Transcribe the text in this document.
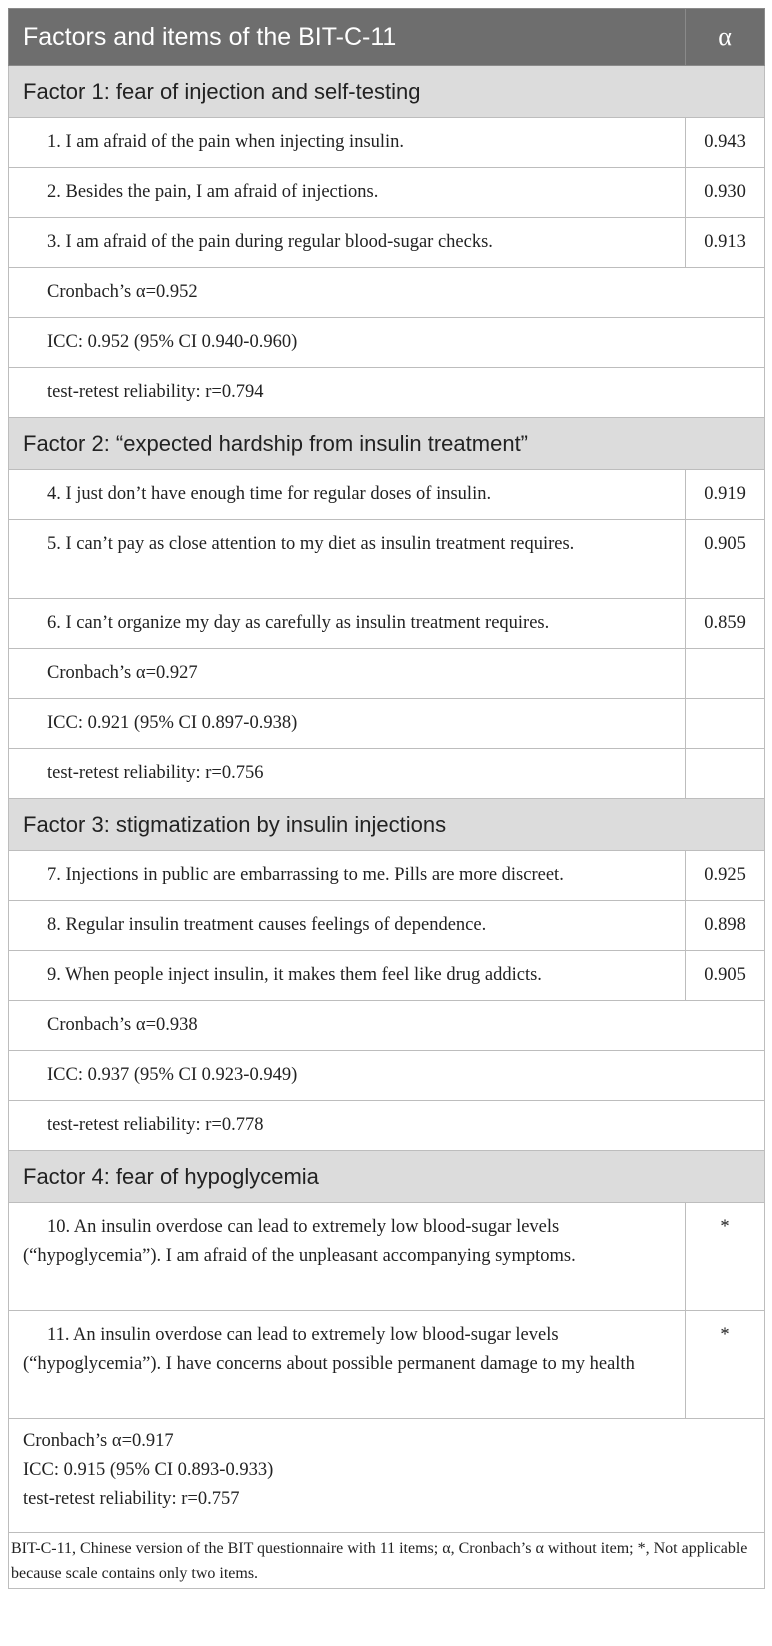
Factors and items of the BIT-C-11	α
Factor 1: fear of injection and self-testing	
1. I am afraid of the pain when injecting insulin.	0.943
2. Besides the pain, I am afraid of injections.	0.930
3. I am afraid of the pain during regular blood-sugar checks.	0.913
Cronbach’s α=0.952	
ICC: 0.952 (95% CI 0.940-0.960)	
test-retest reliability: r=0.794	
Factor 2: “expected hardship from insulin treatment”	
4. I just don’t have enough time for regular doses of insulin.	0.919
5. I can’t pay as close attention to my diet as insulin treatment requires.	0.905
6. I can’t organize my day as carefully as insulin treatment requires.	0.859
Cronbach’s α=0.927	
ICC: 0.921 (95% CI 0.897-0.938)	
test-retest reliability: r=0.756	
Factor 3: stigmatization by insulin injections	
7. Injections in public are embarrassing to me. Pills are more discreet.	0.925
8. Regular insulin treatment causes feelings of dependence.	0.898
9. When people inject insulin, it makes them feel like drug addicts.	0.905
Cronbach’s α=0.938	
ICC: 0.937 (95% CI 0.923-0.949)	
test-retest reliability: r=0.778	
Factor 4: fear of hypoglycemia	
10. An insulin overdose can lead to extremely low blood-sugar levels (“hypoglycemia”). I am afraid of the unpleasant accompanying symptoms.	*
11. An insulin overdose can lead to extremely low blood-sugar levels (“hypoglycemia”). I have concerns about possible permanent damage to my health	*

Cronbach’s α=0.917
ICC: 0.915 (95% CI 0.893-0.933)
test-retest reliability: r=0.757	

BIT-C-11, Chinese version of the BIT questionnaire with 11 items; α, Cronbach’s α without item; *, Not applicable because scale contains only two items.	
